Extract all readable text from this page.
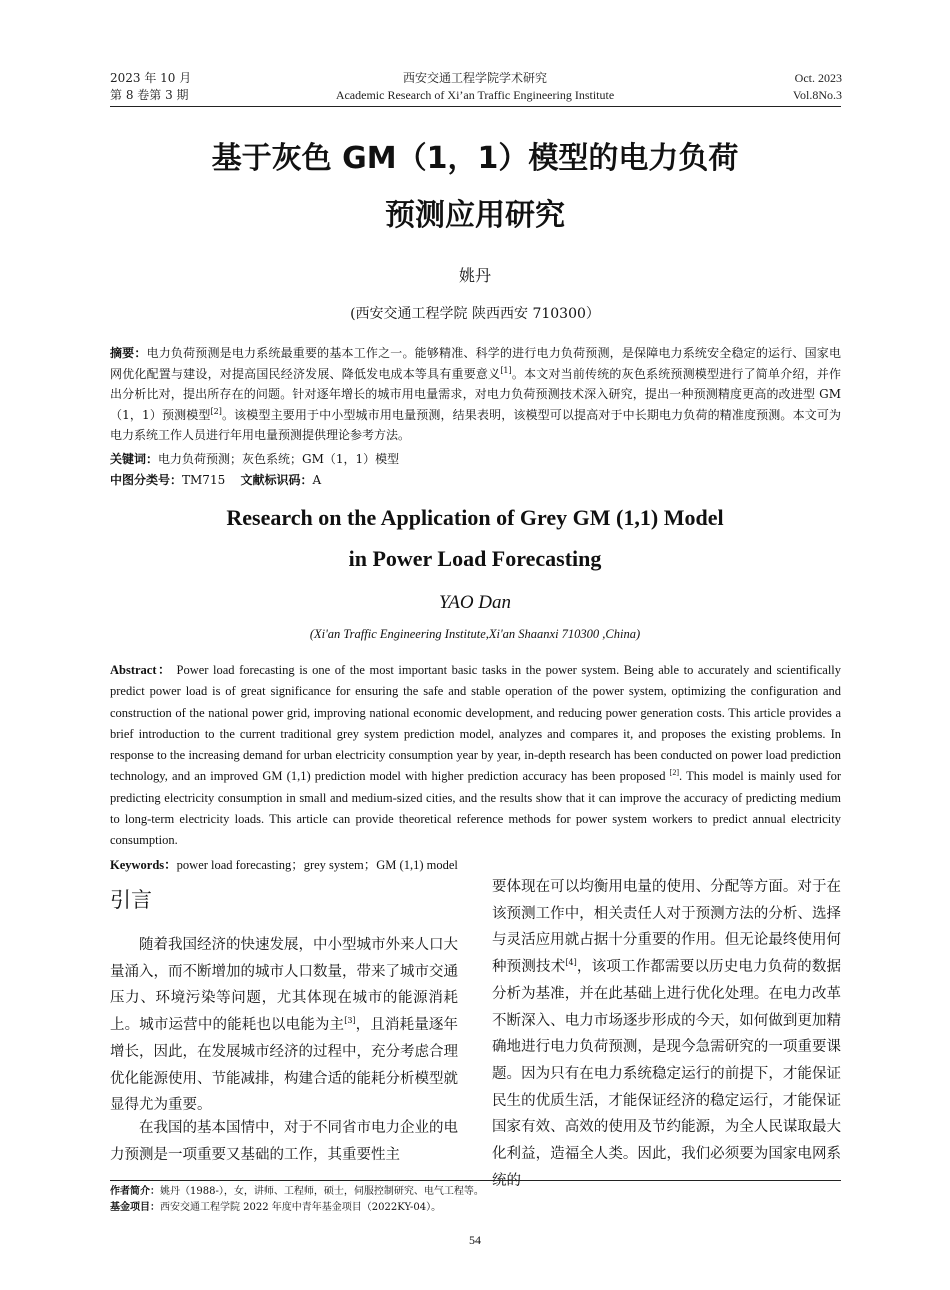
2023 年 10 月
第 8 卷第 3 期
西安交通工程学院学术研究
Academic Research of Xi’an Traffic Engineering Institute
Oct. 2023
Vol.8No.3
基于灰色 GM（1，1）模型的电力负荷
预测应用研究
姚丹
(西安交通工程学院 陕西西安 710300）
摘要：电力负荷预测是电力系统最重要的基本工作之一。能够精准、科学的进行电力负荷预测，是保障电力系统安全稳定的运行、国家电网优化配置与建设，对提高国民经济发展、降低发电成本等具有重要意义[1]。本文对当前传统的灰色系统预测模型进行了简单介绍，并作出分析比对，提出所存在的问题。针对逐年增长的城市用电量需求，对电力负荷预测技术深入研究，提出一种预测精度更高的改进型 GM（1，1）预测模型[2]。该模型主要用于中小型城市用电量预测，结果表明，该模型可以提高对于中长期电力负荷的精准度预测。本文可为电力系统工作人员进行年用电量预测提供理论参考方法。
关键词：电力负荷预测；灰色系统；GM（1，1）模型
中图分类号：TM715 文献标识码：A
Research on the Application of Grey GM (1,1) Model
in Power Load Forecasting
YAO Dan
(Xi'an Traffic Engineering Institute,Xi'an Shaanxi 710300 ,China)
Abstract： Power load forecasting is one of the most important basic tasks in the power system. Being able to accurately and scientifically predict power load is of great significance for ensuring the safe and stable operation of the power system, optimizing the configuration and construction of the national power grid, improving national economic development, and reducing power generation costs. This article provides a brief introduction to the current traditional grey system prediction model, analyzes and compares it, and proposes the existing problems. In response to the increasing demand for urban electricity consumption year by year, in-depth research has been conducted on power load prediction technology, and an improved GM (1,1) prediction model with higher prediction accuracy has been proposed [2]. This model is mainly used for predicting electricity consumption in small and medium-sized cities, and the results show that it can improve the accuracy of predicting medium to long-term electricity loads. This article can provide theoretical reference methods for power system workers to predict annual electricity consumption.
Keywords：power load forecasting；grey system；GM (1,1) model
引言
随着我国经济的快速发展，中小型城市外来人口大量涌入，而不断增加的城市人口数量，带来了城市交通压力、环境污染等问题，尤其体现在城市的能源消耗上。城市运营中的能耗也以电能为主[3]，且消耗量逐年增长，因此，在发展城市经济的过程中，充分考虑合理优化能源使用、节能减排，构建合适的能耗分析模型就显得尤为重要。
在我国的基本国情中，对于不同省市电力企业的电力预测是一项重要又基础的工作，其重要性主
要体现在可以均衡用电量的使用、分配等方面。对于在该预测工作中，相关责任人对于预测方法的分析、选择与灵活应用就占据十分重要的作用。但无论最终使用何种预测技术[4]，该项工作都需要以历史电力负荷的数据分析为基准，并在此基础上进行优化处理。在电力改革不断深入、电力市场逐步形成的今天，如何做到更加精确地进行电力负荷预测，是现今急需研究的一项重要课题。因为只有在电力系统稳定运行的前提下，才能保证民生的优质生活，才能保证经济的稳定运行，才能保证国家有效、高效的使用及节约能源，为全人民谋取最大化利益，造福全人类。因此，我们必须要为国家电网系统的
作者简介：姚丹（1988-），女，讲师、工程师，硕士，伺服控制研究、电气工程等。
基金项目：西安交通工程学院 2022 年度中青年基金项目（2022KY-04）。
54
